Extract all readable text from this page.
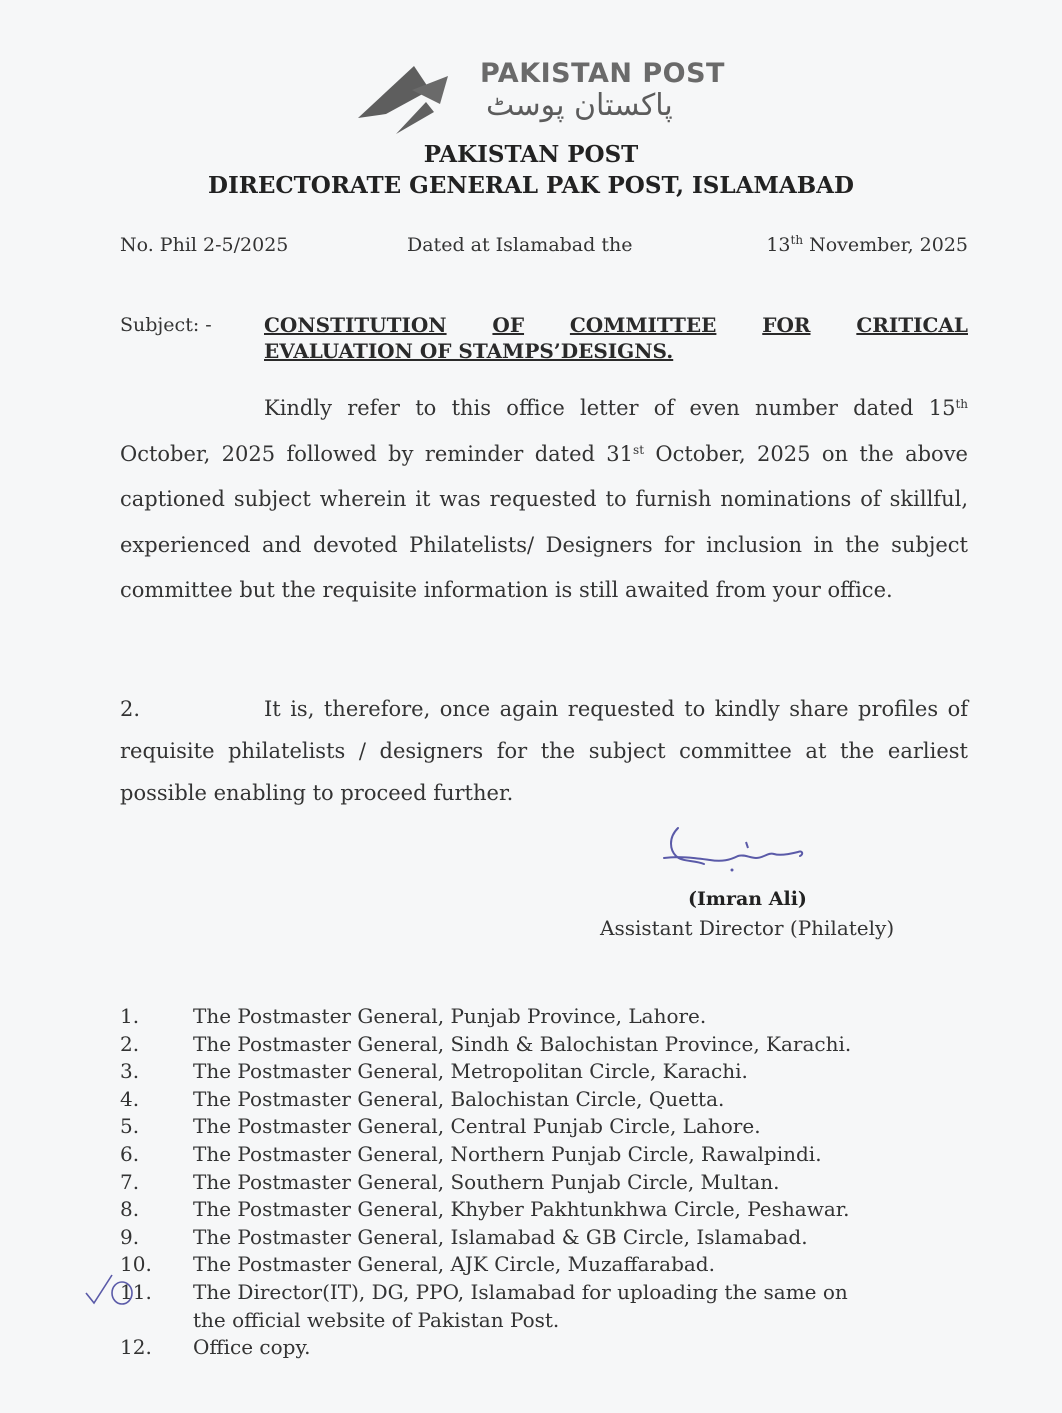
PAKISTAN POST
پاکستان پوسٹ
PAKISTAN POST
DIRECTORATE GENERAL PAK POST, ISLAMABAD
No. Phil 2-5/2025	Dated at Islamabad the	13th November, 2025
Subject: -	CONSTITUTION OF COMMITTEE FOR CRITICAL
EVALUATION OF STAMPS’DESIGNS.
Kindly refer to this office letter of even number dated 15th October, 2025 followed by reminder dated 31st October, 2025 on the above captioned subject wherein it was requested to furnish nominations of skillful, experienced and devoted Philatelists/ Designers for inclusion in the subject committee but the requisite information is still awaited from your office.
2.	It is, therefore, once again requested to kindly share profiles of requisite philatelists / designers for the subject committee at the earliest possible enabling to proceed further.
(Imran Ali)
Assistant Director (Philately)
1.	The Postmaster General, Punjab Province, Lahore.
2.	The Postmaster General, Sindh & Balochistan Province, Karachi.
3.	The Postmaster General, Metropolitan Circle, Karachi.
4.	The Postmaster General, Balochistan Circle, Quetta.
5.	The Postmaster General, Central Punjab Circle, Lahore.
6.	The Postmaster General, Northern Punjab Circle, Rawalpindi.
7.	The Postmaster General, Southern Punjab Circle, Multan.
8.	The Postmaster General, Khyber Pakhtunkhwa Circle, Peshawar.
9.	The Postmaster General, Islamabad & GB Circle, Islamabad.
10.	The Postmaster General, AJK Circle, Muzaffarabad.
11.	The Director(IT), DG, PPO, Islamabad for uploading the same on
the official website of Pakistan Post.
12.	Office copy.
